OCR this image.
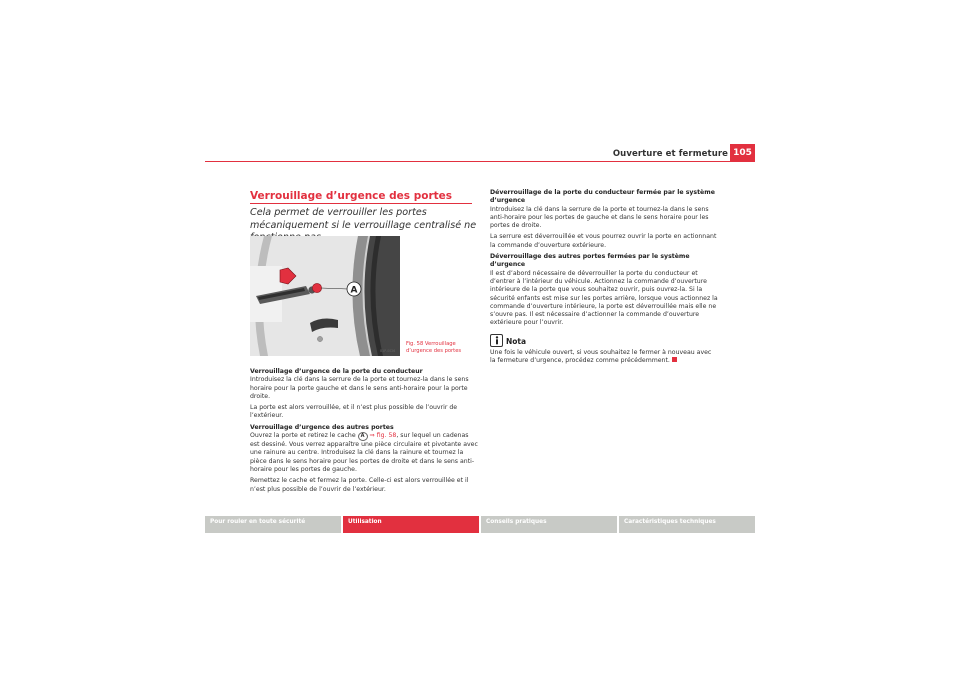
Ouverture et fermeture 105
Verrouillage d’urgence des portes
Cela permet de verrouiller les portes mécaniquement si le verrouillage centralisé ne
A
B1P-0026
Fig. 58 Verrouillage d’urgence des portes
Verrouillage d’urgence de la porte du conducteur

Introduisez la clé dans la serrure de la porte et tournez-la dans le sens horaire pour la porte gauche et dans le sens anti-horaire pour la porte droite.

La porte est alors verrouillée, et il n’est plus possible de l’ouvrir de l’extérieur.

Verrouillage d’urgence des autres portes

Ouvrez la porte et retirez le cache A ⇒ fig. 58, sur lequel un cadenas est dessiné. Vous verrez apparaître une pièce circulaire et pivotante avec une rainure au centre. Introduisez la clé dans la rainure et tournez la pièce dans le sens horaire pour les portes de droite et dans le sens anti-horaire pour les portes de gauche.

Remettez le cache et fermez la porte. Celle-ci est alors verrouillée et il n’est plus possible de l’ouvrir de l’extérieur.

Déverrouillage de la porte du conducteur fermée par le système d’urgence

Introduisez la clé dans la serrure de la porte et tournez-la dans le sens anti-horaire pour les portes de gauche et dans le sens horaire pour les portes de droite.

La serrure est déverrouillée et vous pourrez ouvrir la porte en actionnant la commande d’ouverture extérieure.

Déverrouillage des autres portes fermées par le système d’urgence

Il est d’abord nécessaire de déverrouiller la porte du conducteur et d’entrer à l’intérieur du véhicule. Actionnez la commande d’ouverture intérieure de la porte que vous souhaitez ouvrir, puis ouvrez-la. Si la sécurité enfants est mise sur les portes arrière, lorsque vous actionnez la commande d’ouverture intérieure, la porte est déverrouillée mais elle ne s’ouvre pas. Il est nécessaire d’actionner la commande d’ouverture extérieure pour l’ouvrir.

Nota

Une fois le véhicule ouvert, si vous souhaitez le fermer à nouveau avec la fermeture d’urgence, procédez comme précédemment.

Pour rouler en toute sécurité	Utilisation	Conseils pratiques	Caractéristiques techniques
